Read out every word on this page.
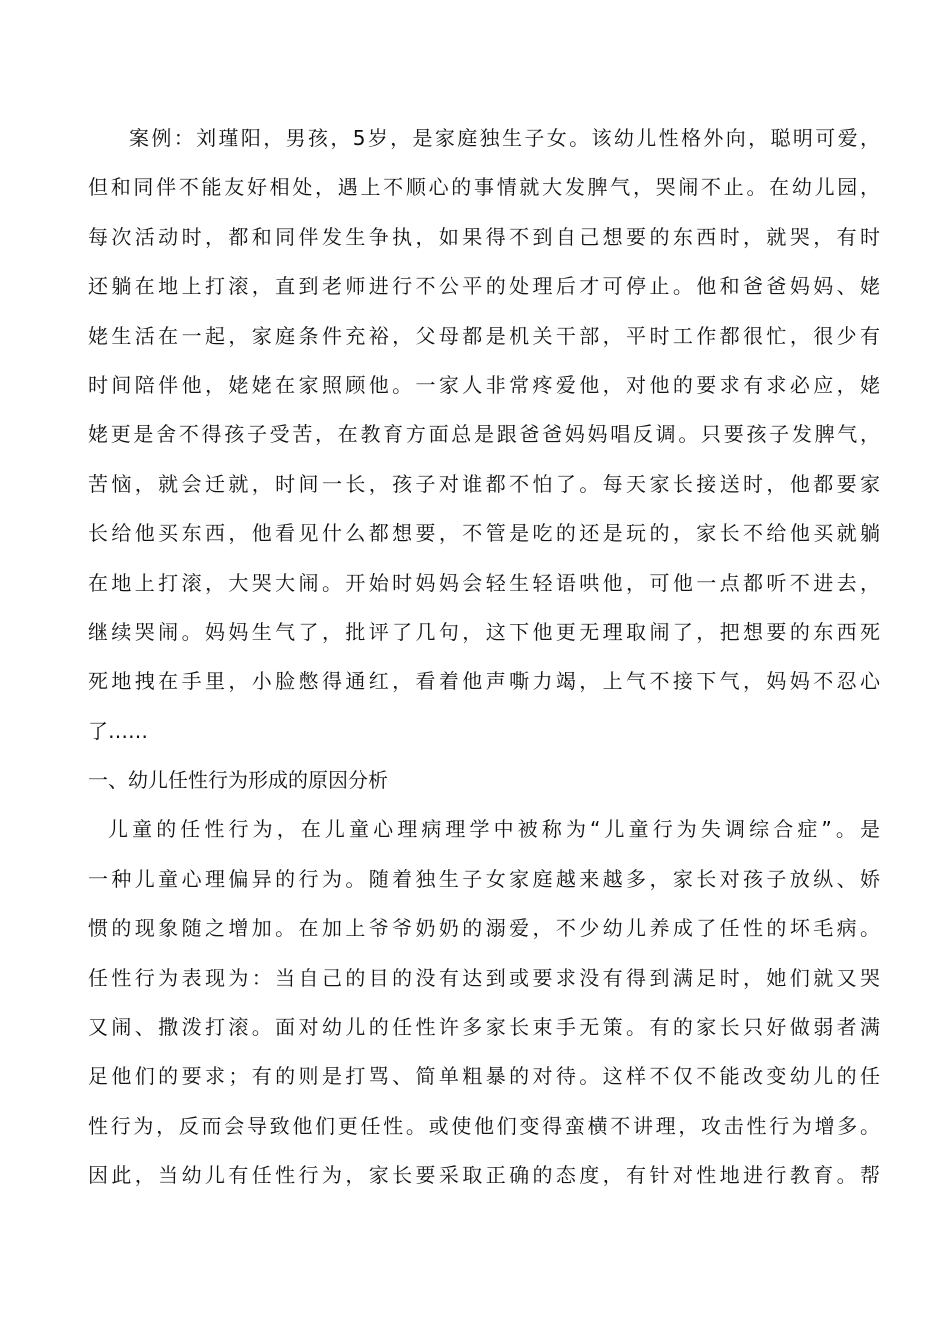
案例：刘瑾阳，男孩，5岁，是家庭独生子女。该幼儿性格外向，聪明可爱，
但和同伴不能友好相处，遇上不顺心的事情就大发脾气，哭闹不止。在幼儿园，
每次活动时，都和同伴发生争执，如果得不到自己想要的东西时，就哭，有时
还躺在地上打滚，直到老师进行不公平的处理后才可停止。他和爸爸妈妈、姥
姥生活在一起，家庭条件充裕，父母都是机关干部，平时工作都很忙，很少有
时间陪伴他，姥姥在家照顾他。一家人非常疼爱他，对他的要求有求必应，姥
姥更是舍不得孩子受苦，在教育方面总是跟爸爸妈妈唱反调。只要孩子发脾气，
苦恼，就会迁就，时间一长，孩子对谁都不怕了。每天家长接送时，他都要家
长给他买东西，他看见什么都想要，不管是吃的还是玩的，家长不给他买就躺
在地上打滚，大哭大闹。开始时妈妈会轻生轻语哄他，可他一点都听不进去，
继续哭闹。妈妈生气了，批评了几句，这下他更无理取闹了，把想要的东西死
死地拽在手里，小脸憋得通红，看着他声嘶力竭，上气不接下气，妈妈不忍心
了……
一、幼儿任性行为形成的原因分析
儿童的任性行为，在儿童心理病理学中被称为“儿童行为失调综合症”。是
一种儿童心理偏异的行为。随着独生子女家庭越来越多，家长对孩子放纵、娇
惯的现象随之增加。在加上爷爷奶奶的溺爱，不少幼儿养成了任性的坏毛病。
任性行为表现为：当自己的目的没有达到或要求没有得到满足时，她们就又哭
又闹、撒泼打滚。面对幼儿的任性许多家长束手无策。有的家长只好做弱者满
足他们的要求；有的则是打骂、简单粗暴的对待。这样不仅不能改变幼儿的任
性行为，反而会导致他们更任性。或使他们变得蛮横不讲理，攻击性行为增多。
因此，当幼儿有任性行为，家长要采取正确的态度，有针对性地进行教育。帮
